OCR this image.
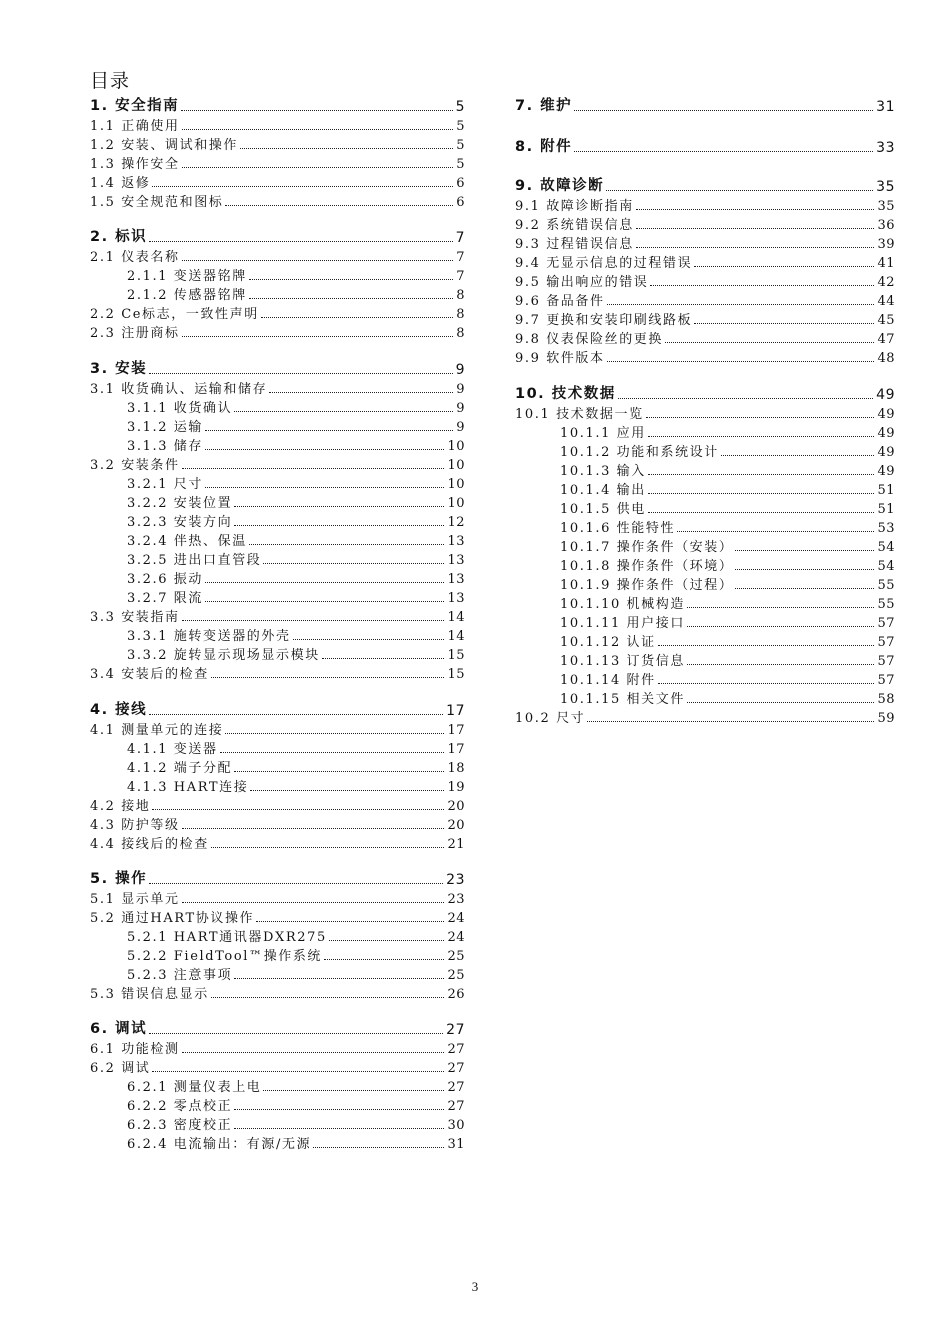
目录
1. 安全指南	5
1.1 正确使用	5
1.2 安装、调试和操作	5
1.3 操作安全	5
1.4 返修	6
1.5 安全规范和图标	6
2. 标识	7
2.1 仪表名称	7
2.1.1 变送器铭牌	7
2.1.2 传感器铭牌	8
2.2 Ce标志，一致性声明	8
2.3 注册商标	8
3. 安装	9
3.1 收货确认、运输和储存	9
3.1.1 收货确认	9
3.1.2 运输	9
3.1.3 储存	10
3.2 安装条件	10
3.2.1 尺寸	10
3.2.2 安装位置	10
3.2.3 安装方向	12
3.2.4 伴热、保温	13
3.2.5 进出口直管段	13
3.2.6 振动	13
3.2.7 限流	13
3.3 安装指南	14
3.3.1 施转变送器的外壳	14
3.3.2 旋转显示现场显示模块	15
3.4 安装后的检查	15
4. 接线	17
4.1 测量单元的连接	17
4.1.1 变送器	17
4.1.2 端子分配	18
4.1.3 HART连接	19
4.2 接地	20
4.3 防护等级	20
4.4 接线后的检查	21
5. 操作	23
5.1 显示单元	23
5.2 通过HART协议操作	24
5.2.1 HART通讯器DXR275	24
5.2.2 FieldTool™操作系统	25
5.2.3 注意事项	25
5.3 错误信息显示	26
6. 调试	27
6.1 功能检测	27
6.2 调试	27
6.2.1 测量仪表上电	27
6.2.2 零点校正	27
6.2.3 密度校正	30
6.2.4 电流输出：有源/无源	31
7. 维护	31
8. 附件	33
9. 故障诊断	35
9.1 故障诊断指南	35
9.2 系统错误信息	36
9.3 过程错误信息	39
9.4 无显示信息的过程错误	41
9.5 输出响应的错误	42
9.6 备品备件	44
9.7 更换和安装印刷线路板	45
9.8 仪表保险丝的更换	47
9.9 软件版本	48
10. 技术数据	49
10.1 技术数据一览	49
10.1.1 应用	49
10.1.2 功能和系统设计	49
10.1.3 输入	49
10.1.4 输出	51
10.1.5 供电	51
10.1.6 性能特性	53
10.1.7 操作条件（安装）	54
10.1.8 操作条件（环境）	54
10.1.9 操作条件（过程）	55
10.1.10 机械构造	55
10.1.11 用户接口	57
10.1.12 认证	57
10.1.13 订货信息	57
10.1.14 附件	57
10.1.15 相关文件	58
10.2 尺寸	59
3
